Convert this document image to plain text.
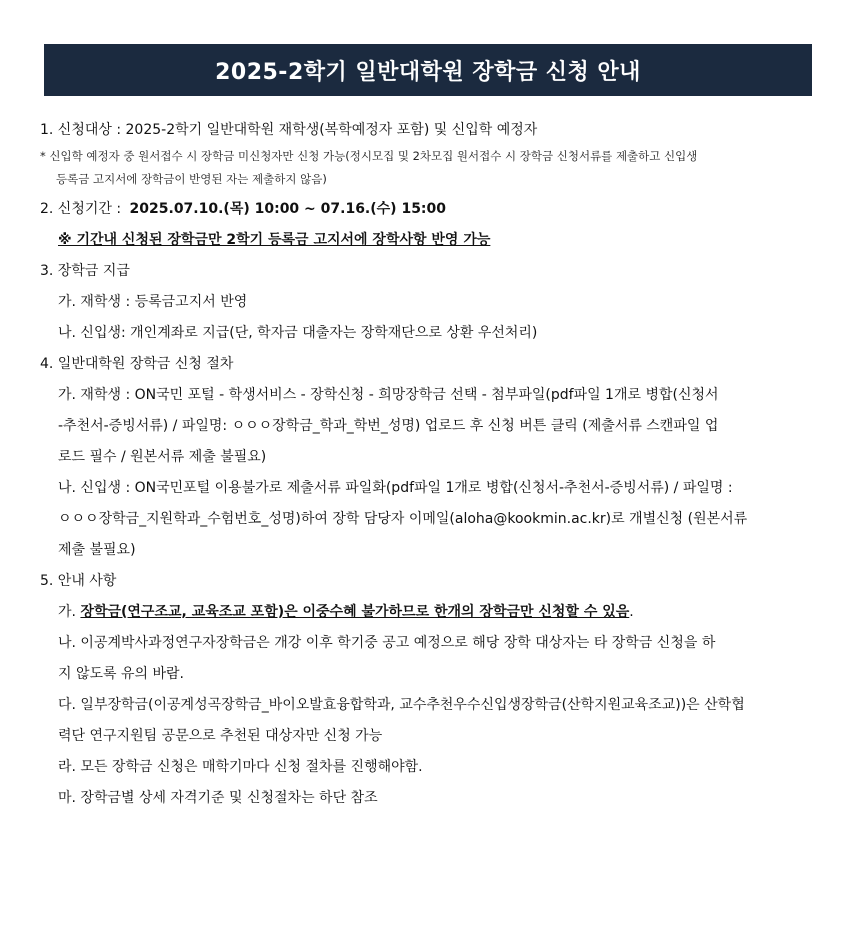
2025-2학기 일반대학원 장학금 신청 안내
1. 신청대상 : 2025-2학기 일반대학원 재학생(복학예정자 포함) 및 신입학 예정자
* 신입학 예정자 중 원서접수 시 장학금 미신청자만 신청 가능(정시모집 및 2차모집 원서접수 시 장학금 신청서류를 제출하고 신입생
등록금 고지서에 장학금이 반영된 자는 제출하지 않음)
2. 신청기간 : 2025.07.10.(목) 10:00 ~ 07.16.(수) 15:00
※ 기간내 신청된 장학금만 2학기 등록금 고지서에 장학사항 반영 가능
3. 장학금 지급
가. 재학생 : 등록금고지서 반영
나. 신입생: 개인계좌로 지급(단, 학자금 대출자는 장학재단으로 상환 우선처리)
4. 일반대학원 장학금 신청 절차
가. 재학생 : ON국민 포털 - 학생서비스 - 장학신청 - 희망장학금 선택 - 첨부파일(pdf파일 1개로 병합(신청서
-추천서-증빙서류) / 파일명: ㅇㅇㅇ장학금_학과_학번_성명) 업로드 후 신청 버튼 클릭 (제출서류 스캔파일 업
로드 필수 / 원본서류 제출 불필요)
나. 신입생 : ON국민포털 이용불가로 제출서류 파일화(pdf파일 1개로 병합(신청서-추천서-증빙서류) / 파일명 :
ㅇㅇㅇ장학금_지원학과_수험번호_성명)하여 장학 담당자 이메일(aloha@kookmin.ac.kr)로 개별신청 (원본서류
제출 불필요)
5. 안내 사항
가. 장학금(연구조교, 교육조교 포함)은 이중수혜 불가하므로 한개의 장학금만 신청할 수 있음.
나. 이공계박사과정연구자장학금은 개강 이후 학기중 공고 예정으로 해당 장학 대상자는 타 장학금 신청을 하
지 않도록 유의 바람.
다. 일부장학금(이공계성곡장학금_바이오발효융합학과, 교수추천우수신입생장학금(산학지원교육조교))은 산학협
력단 연구지원팀 공문으로 추천된 대상자만 신청 가능
라. 모든 장학금 신청은 매학기마다 신청 절차를 진행해야함.
마. 장학금별 상세 자격기준 및 신청절차는 하단 참조
